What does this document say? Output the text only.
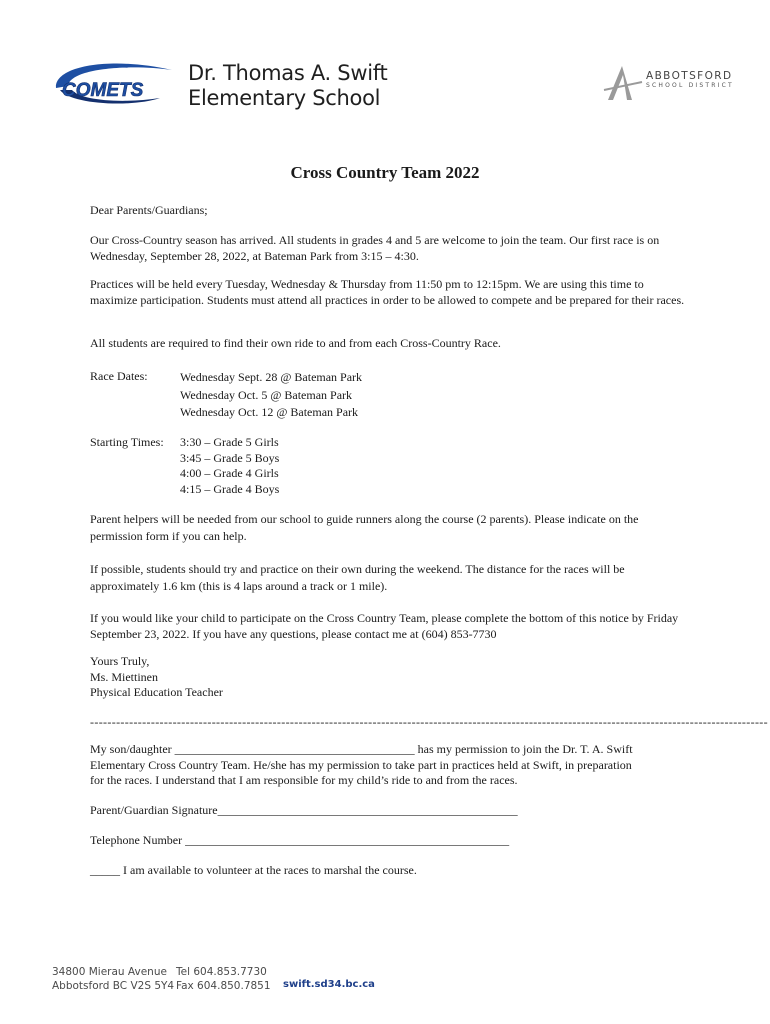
COMETS
Dr. Thomas A. Swift
Elementary School
ABBOTSFORD
SCHOOL DISTRICT
Cross Country Team 2022

Dear Parents/Guardians;

Our Cross-Country season has arrived. All students in grades 4 and 5 are welcome to join the team. Our first race is on Wednesday, September 28, 2022, at Bateman Park from 3:15 – 4:30.

Practices will be held every Tuesday, Wednesday & Thursday from 11:50 pm to 12:15pm. We are using this time to maximize participation. Students must attend all practices in order to be allowed to compete and be prepared for their races.

All students are required to find their own ride to and from each Cross-Country Race.

Race Dates:	Wednesday Sept. 28 @ Bateman Park
Wednesday Oct. 5 @ Bateman Park
Wednesday Oct. 12 @ Bateman Park
Starting Times: 3:30 – Grade 5 Girls
3:45 – Grade 5 Boys
4:00 – Grade 4 Girls
4:15 – Grade 4 Boys

Parent helpers will be needed from our school to guide runners along the course (2 parents). Please indicate on the permission form if you can help.

If possible, students should try and practice on their own during the weekend. The distance for the races will be approximately 1.6 km (this is 4 laps around a track or 1 mile).

If you would like your child to participate on the Cross Country Team, please complete the bottom of this notice by Friday September 23, 2022. If you have any questions, please contact me at (604) 853-7730

Yours Truly,
Ms. Miettinen
Physical Education Teacher
------------------------------------------------------------------------------------------------------------------------------------------------------------
My son/daughter ________________________________________ has my permission to join the Dr. T. A. Swift
Elementary Cross Country Team. He/she has my permission to take part in practices held at Swift, in preparation
for the races. I understand that I am responsible for my child’s ride to and from the races.
Parent/Guardian Signature__________________________________________________
Telephone Number ______________________________________________________
_____ I am available to volunteer at the races to marshal the course.
34800 Mierau Avenue
Abbotsford BC V2S 5Y4
Tel 604.853.7730
Fax 604.850.7851 swift.sd34.bc.ca
